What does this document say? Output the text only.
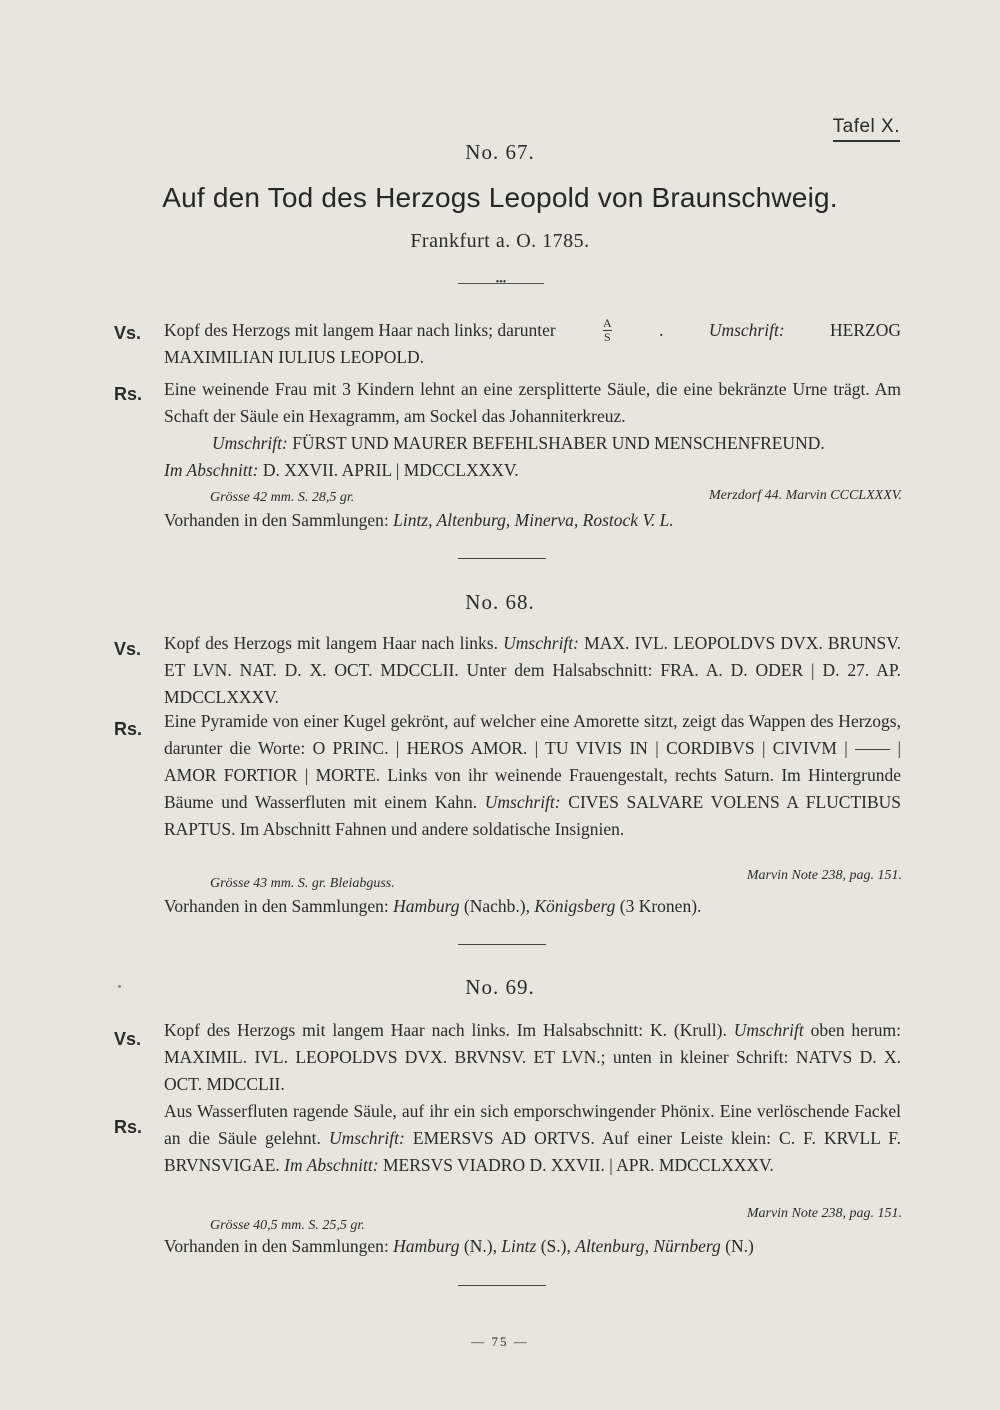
Tafel X.
No. 67.
Auf den Tod des Herzogs Leopold von Braunschweig.
Frankfurt a. O. 1785.
•••
Vs. Kopf des Herzogs mit langem Haar nach links; darunter	$\frac{A}{S}$	.	Umschrift:	HERZOG
MAXIMILIAN IULIUS LEOPOLD.
Rs. Eine weinende Frau mit 3 Kindern lehnt an eine zersplitterte Säule, die eine bekränzte Urne trägt. Am Schaft der Säule ein Hexagramm, am Sockel das Johanniterkreuz.
Umschrift: FÜRST UND MAURER BEFEHLSHABER UND MENSCHENFREUND.
Im Abschnitt: D. XXVII. APRIL | MDCCLXXXV.
Grösse 42 mm. S. 28,5 gr.	Merzdorf 44. Marvin CCCLXXXV.
Vorhanden in den Sammlungen: Lintz, Altenburg, Minerva, Rostock V. L.
No. 68.
Vs. Kopf des Herzogs mit langem Haar nach links. Umschrift: MAX. IVL. LEOPOLDVS DVX. BRUNSV. ET LVN. NAT. D. X. OCT. MDCCLII. Unter dem Halsabschnitt: FRA. A. D. ODER | D. 27. AP. MDCCLXXXV.
Rs. Eine Pyramide von einer Kugel gekrönt, auf welcher eine Amorette sitzt, zeigt das Wappen des Herzogs, darunter die Worte: O PRINC. | HEROS AMOR. | TU VIVIS IN | CORDIBVS | CIVIVM | —— | AMOR FORTIOR | MORTE. Links von ihr weinende Frauengestalt, rechts Saturn. Im Hintergrunde Bäume und Wasserfluten mit einem Kahn. Umschrift: CIVES SALVARE VOLENS A FLUCTIBUS RAPTUS. Im Abschnitt Fahnen und andere soldatische Insignien.
Grösse 43 mm. S. gr. Bleiabguss.
Marvin Note 238, pag. 151.
Vorhanden in den Sammlungen: Hamburg (Nachb.), Königsberg (3 Kronen).
No. 69.
Vs. Kopf des Herzogs mit langem Haar nach links. Im Halsabschnitt: K. (Krull). Umschrift oben herum: MAXIMIL. IVL. LEOPOLDVS DVX. BRVNSV. ET LVN.; unten in kleiner Schrift: NATVS D. X. OCT. MDCCLII.
Rs.
Aus Wasserfluten ragende Säule, auf ihr ein sich emporschwingender Phönix. Eine verlöschende Fackel an die Säule gelehnt. Umschrift: EMERSVS AD ORTVS. Auf einer Leiste klein: C. F. KRVLL F. BRVNSVIGAE. Im Abschnitt: MERSVS VIADRO D. XXVII. | APR. MDCCLXXXV.
Grösse 40,5 mm. S. 25,5 gr.
Marvin Note 238, pag. 151.
Vorhanden in den Sammlungen: Hamburg (N.), Lintz (S.), Altenburg, Nürnberg (N.)
— 75 —
